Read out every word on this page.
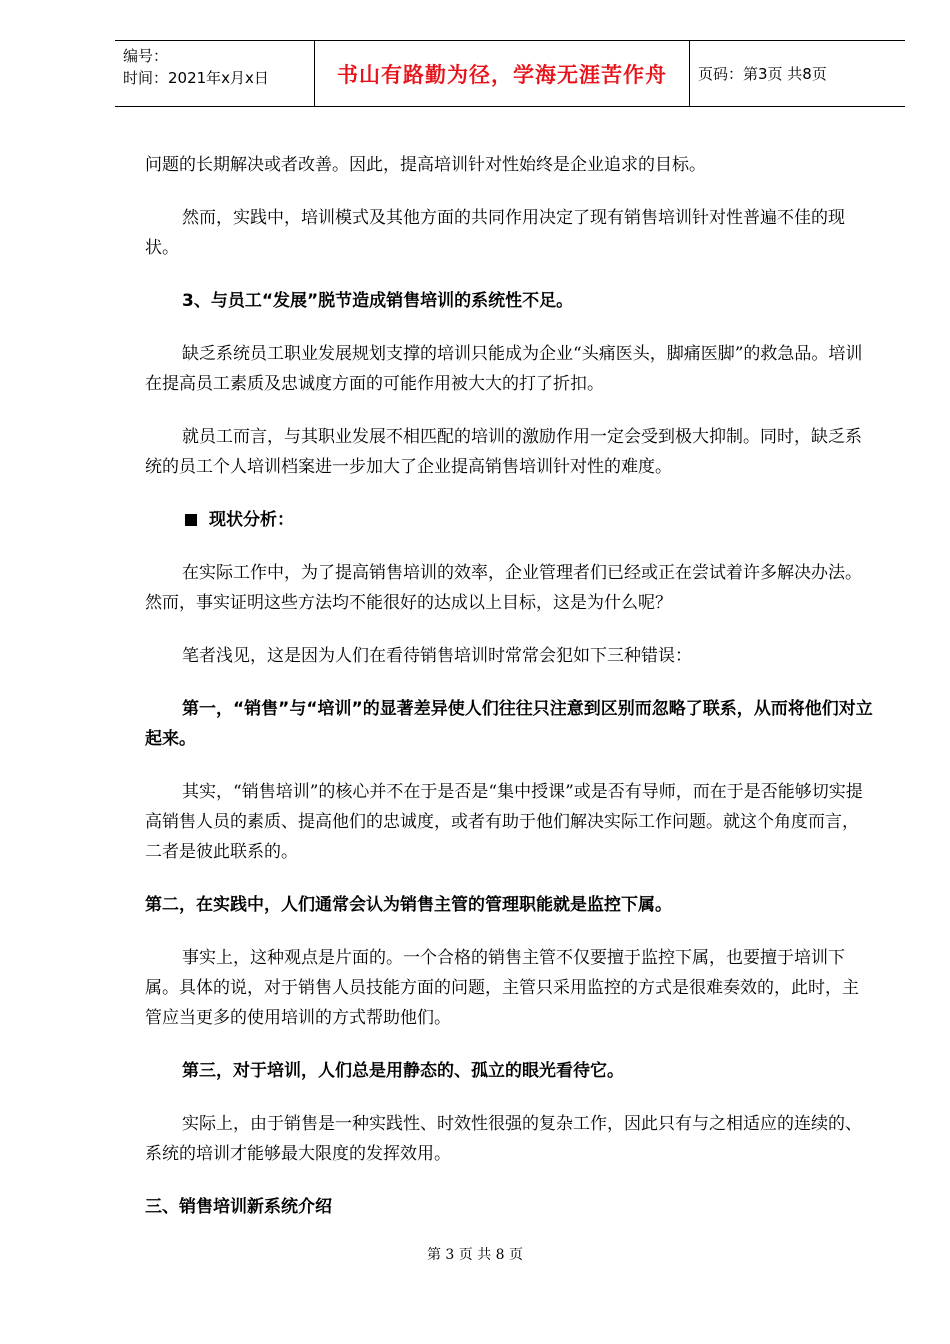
编号：
时间：2021年x月x日	书山有路勤为径，学海无涯苦作舟	页码：第3页 共8页

问题的长期解决或者改善。因此，提高培训针对性始终是企业追求的目标。

然而，实践中，培训模式及其他方面的共同作用决定了现有销售培训针对性普遍不佳的现状。

3、与员工“发展”脱节造成销售培训的系统性不足。

缺乏系统员工职业发展规划支撑的培训只能成为企业“头痛医头，脚痛医脚”的救急品。培训在提高员工素质及忠诚度方面的可能作用被大大的打了折扣。

就员工而言，与其职业发展不相匹配的培训的激励作用一定会受到极大抑制。同时，缺乏系统的员工个人培训档案进一步加大了企业提高销售培训针对性的难度。

现状分析：

在实际工作中，为了提高销售培训的效率，企业管理者们已经或正在尝试着许多解决办法。然而，事实证明这些方法均不能很好的达成以上目标，这是为什么呢？

笔者浅见，这是因为人们在看待销售培训时常常会犯如下三种错误：

第一，“销售”与“培训”的显著差异使人们往往只注意到区别而忽略了联系，从而将他们对立起来。

其实，“销售培训”的核心并不在于是否是“集中授课”或是否有导师，而在于是否能够切实提高销售人员的素质、提高他们的忠诚度，或者有助于他们解决实际工作问题。就这个角度而言，二者是彼此联系的。

第二，在实践中，人们通常会认为销售主管的管理职能就是监控下属。

事实上，这种观点是片面的。一个合格的销售主管不仅要擅于监控下属，也要擅于培训下属。具体的说，对于销售人员技能方面的问题，主管只采用监控的方式是很难奏效的，此时，主管应当更多的使用培训的方式帮助他们。

第三，对于培训，人们总是用静态的、孤立的眼光看待它。

实际上，由于销售是一种实践性、时效性很强的复杂工作，因此只有与之相适应的连续的、系统的培训才能够最大限度的发挥效用。

三、销售培训新系统介绍

第 3 页 共 8 页
